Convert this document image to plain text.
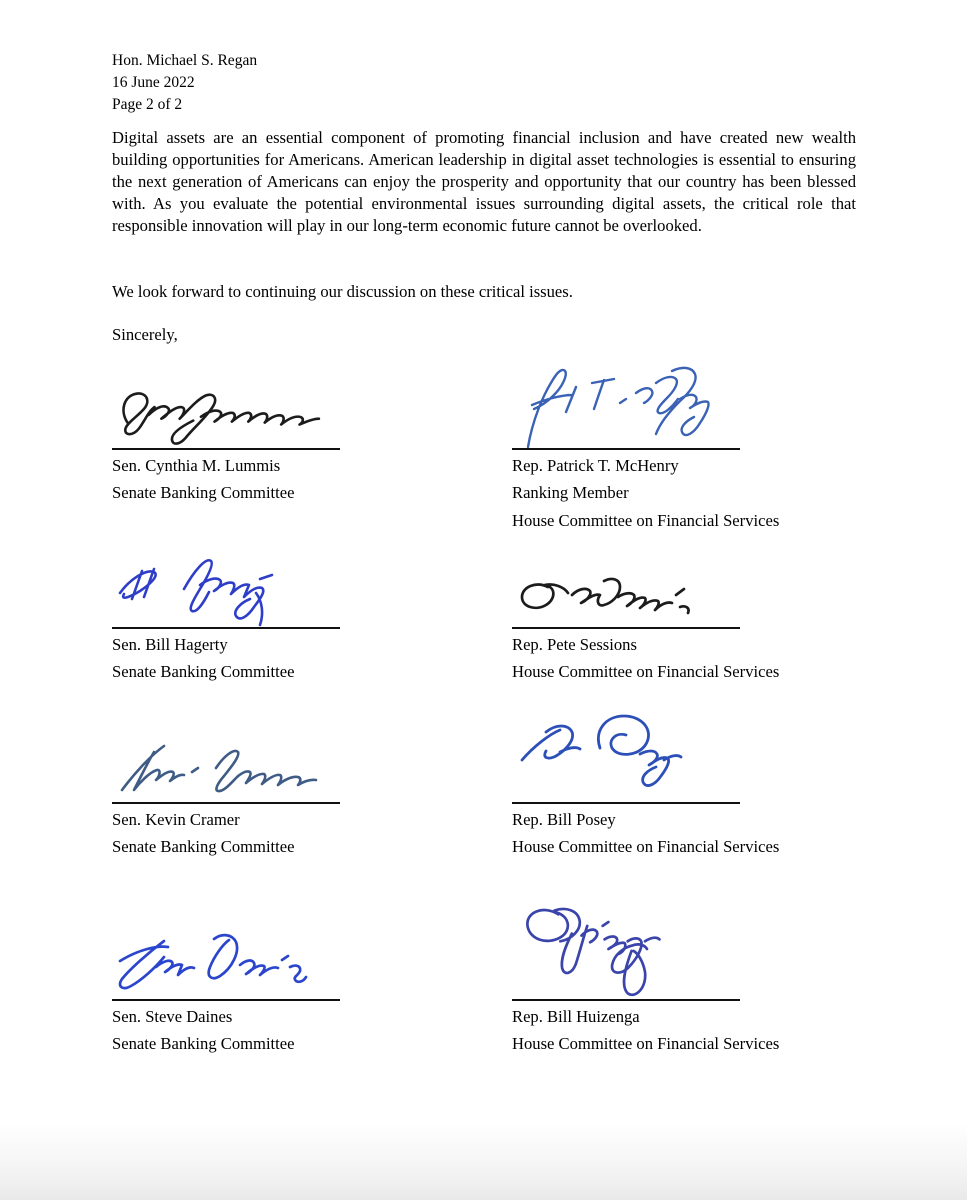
Hon. Michael S. Regan
16 June 2022
Page 2 of 2

Digital assets are an essential component of promoting financial inclusion and have created new wealth building opportunities for Americans. American leadership in digital asset technologies is essential to ensuring the next generation of Americans can enjoy the prosperity and opportunity that our country has been blessed with. As you evaluate the potential environmental issues surrounding digital assets, the critical role that responsible innovation will play in our long-term economic future cannot be overlooked.

We look forward to continuing our discussion on these critical issues.

Sincerely,

Sen. Cynthia M. Lummis
Senate Banking Committee
Rep. Patrick T. McHenry
Ranking Member
House Committee on Financial Services
Sen. Bill Hagerty
Senate Banking Committee
Rep. Pete Sessions
House Committee on Financial Services
Sen. Kevin Cramer
Senate Banking Committee
Rep. Bill Posey
House Committee on Financial Services
Sen. Steve Daines
Senate Banking Committee
Rep. Bill Huizenga
House Committee on Financial Services
